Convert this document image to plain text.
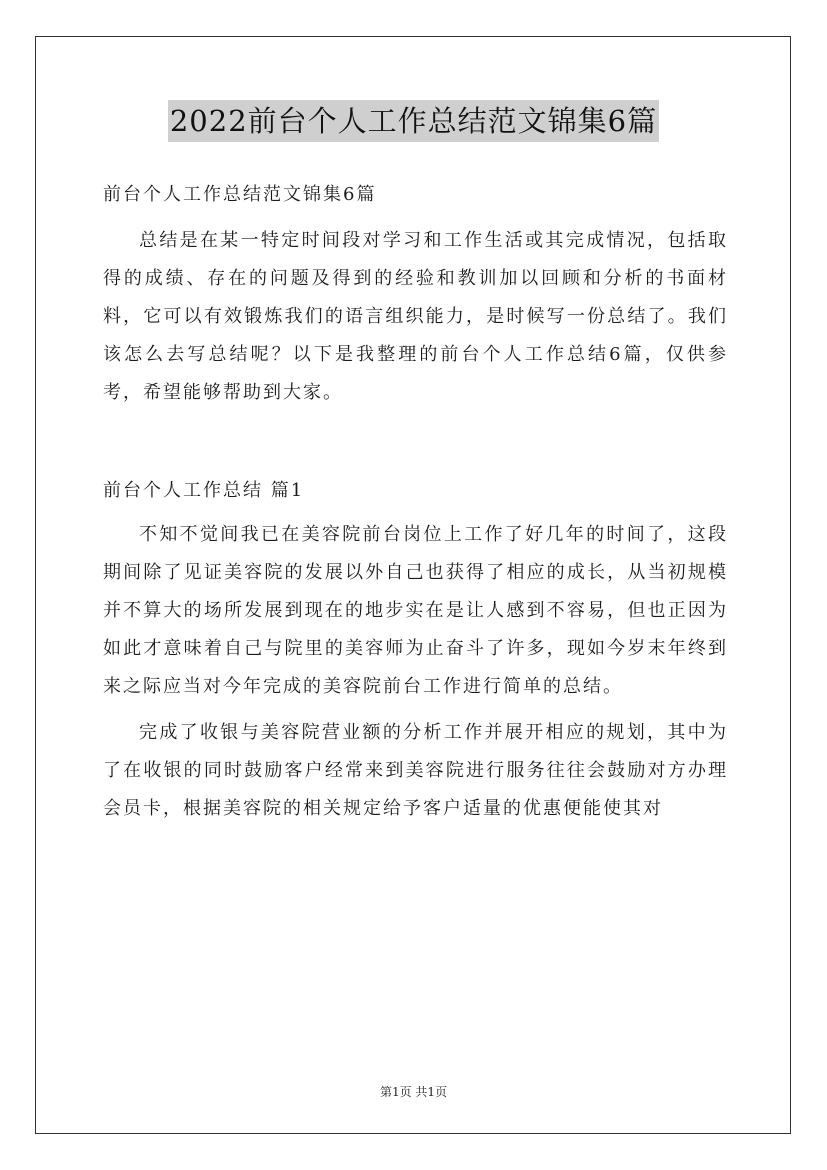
2022前台个人工作总结范文锦集6篇

前台个人工作总结范文锦集6篇

总结是在某一特定时间段对学习和工作生活或其完成情况，包括取得的成绩、存在的问题及得到的经验和教训加以回顾和分析的书面材料，它可以有效锻炼我们的语言组织能力，是时候写一份总结了。我们该怎么去写总结呢？以下是我整理的前台个人工作总结6篇，仅供参考，希望能够帮助到大家。

前台个人工作总结 篇1

不知不觉间我已在美容院前台岗位上工作了好几年的时间了，这段期间除了见证美容院的发展以外自己也获得了相应的成长，从当初规模并不算大的场所发展到现在的地步实在是让人感到不容易，但也正因为如此才意味着自己与院里的美容师为止奋斗了许多，现如今岁末年终到来之际应当对今年完成的美容院前台工作进行简单的总结。

完成了收银与美容院营业额的分析工作并展开相应的规划，其中为了在收银的同时鼓励客户经常来到美容院进行服务往往会鼓励对方办理会员卡，根据美容院的相关规定给予客户适量的优惠便能使其对

第1页 共1页
